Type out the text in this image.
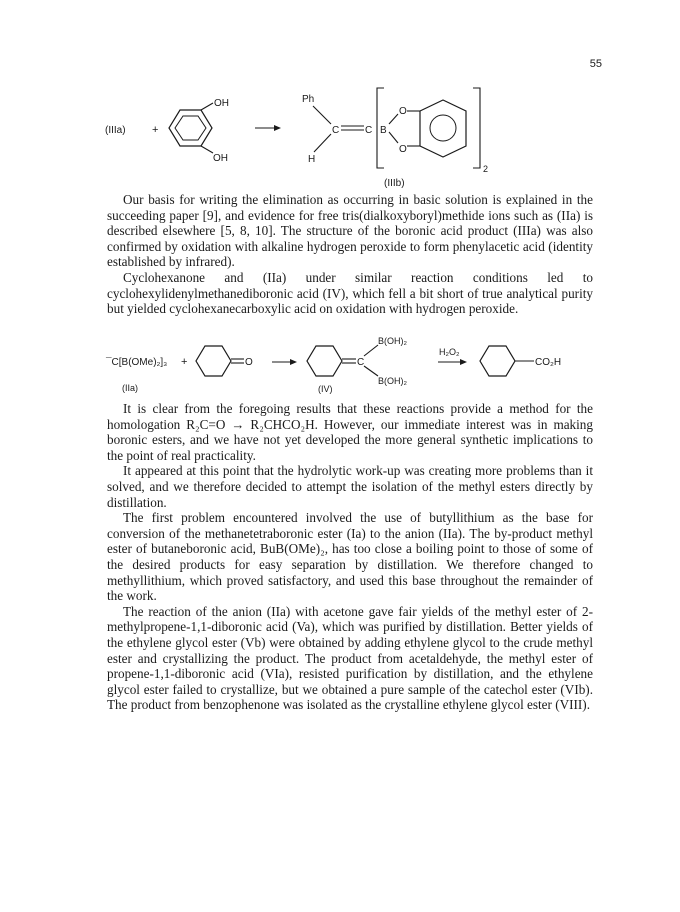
55
(IIIa) +
OH
OH
Ph
H
C	C B
O
O
2
(IIIb)

Our basis for writing the elimination as occurring in basic solution is explained in the succeeding paper [9], and evidence for free tris(dialkoxyboryl)methide ions such as (IIa) is described elsewhere [5, 8, 10]. The structure of the boronic acid product (IIIa) was also confirmed by oxidation with alkaline hydrogen peroxide to form phenylacetic acid (identity established by infrared).

Cyclohexanone and (IIa) under similar reaction conditions led to cyclohexylidenylmethanediboronic acid (IV), which fell a bit short of true analytical purity but yielded cyclohexanecarboxylic acid on oxidation with hydrogen peroxide.

¯C[B(OMe)₂]₃ +
(IIa)
O	C
B(OH)₂
B(OH)₂
(IV)
H₂O₂
CO₂H

It is clear from the foregoing results that these reactions provide a method for the homologation R₂C=O → R₂CHCO₂H. However, our immediate interest was in making boronic esters, and we have not yet developed the more general synthetic implications to the point of real practicality.

It appeared at this point that the hydrolytic work-up was creating more problems than it solved, and we therefore decided to attempt the isolation of the methyl esters directly by distillation.

The first problem encountered involved the use of butyllithium as the base for conversion of the methanetetraboronic ester (Ia) to the anion (IIa). The by-product methyl ester of butaneboronic acid, BuB(OMe)₂, has too close a boiling point to those of some of the desired products for easy separation by distillation. We therefore changed to methyllithium, which proved satisfactory, and used this base throughout the remainder of the work.

The reaction of the anion (IIa) with acetone gave fair yields of the methyl ester of 2-methylpropene-1,1-diboronic acid (Va), which was purified by distillation. Better yields of the ethylene glycol ester (Vb) were obtained by adding ethylene glycol to the crude methyl ester and crystallizing the product. The product from acetaldehyde, the methyl ester of propene-1,1-diboronic acid (VIa), resisted purification by distillation, and the ethylene glycol ester failed to crystallize, but we obtained a pure sample of the catechol ester (VIb). The product from benzophenone was isolated as the crystalline ethylene glycol ester (VIII).
